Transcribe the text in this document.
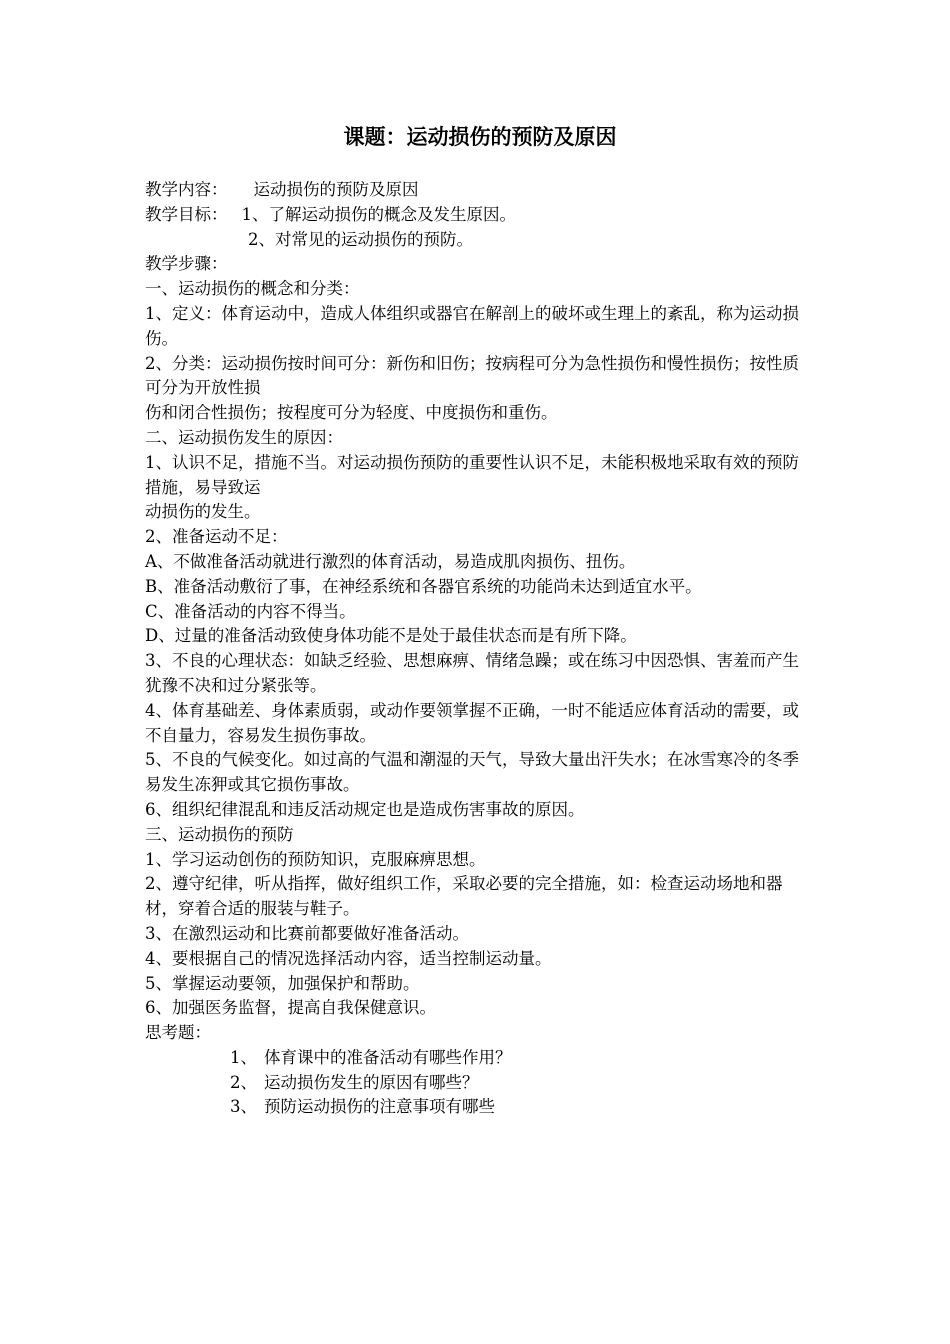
课题：运动损伤的预防及原因

教学内容： 运动损伤的预防及原因

教学目标： 1、了解运动损伤的概念及发生原因。

2、对常见的运动损伤的预防。

教学步骤：

一、运动损伤的概念和分类：

1、定义：体育运动中，造成人体组织或器官在解剖上的破坏或生理上的紊乱，称为运动损伤。

2、分类：运动损伤按时间可分：新伤和旧伤；按病程可分为急性损伤和慢性损伤；按性质可分为开放性损

伤和闭合性损伤；按程度可分为轻度、中度损伤和重伤。

二、运动损伤发生的原因：

1、认识不足，措施不当。对运动损伤预防的重要性认识不足，未能积极地采取有效的预防措施，易导致运

动损伤的发生。

2、准备运动不足：

A、不做准备活动就进行激烈的体育活动，易造成肌肉损伤、扭伤。

B、准备活动敷衍了事，在神经系统和各器官系统的功能尚未达到适宜水平。

C、准备活动的内容不得当。

D、过量的准备活动致使身体功能不是处于最佳状态而是有所下降。

3、不良的心理状态：如缺乏经验、思想麻痹、情绪急躁；或在练习中因恐惧、害羞而产生犹豫不决和过分紧张等。

4、体育基础差、身体素质弱，或动作要领掌握不正确，一时不能适应体育活动的需要，或不自量力，容易发生损伤事故。

5、不良的气候变化。如过高的气温和潮湿的天气，导致大量出汗失水；在冰雪寒冷的冬季易发生冻狎或其它损伤事故。

6、组织纪律混乱和违反活动规定也是造成伤害事故的原因。

三、运动损伤的预防

1、学习运动创伤的预防知识，克服麻痹思想。

2、遵守纪律，听从指挥，做好组织工作，采取必要的完全措施，如：检查运动场地和器材，穿着合适的服装与鞋子。

3、在激烈运动和比赛前都要做好准备活动。

4、要根据自己的情况选择活动内容，适当控制运动量。

5、掌握运动要领，加强保护和帮助。

6、加强医务监督，提高自我保健意识。

思考题：

1、 体育课中的准备活动有哪些作用？
2、 运动损伤发生的原因有哪些？
3、 预防运动损伤的注意事项有哪些
